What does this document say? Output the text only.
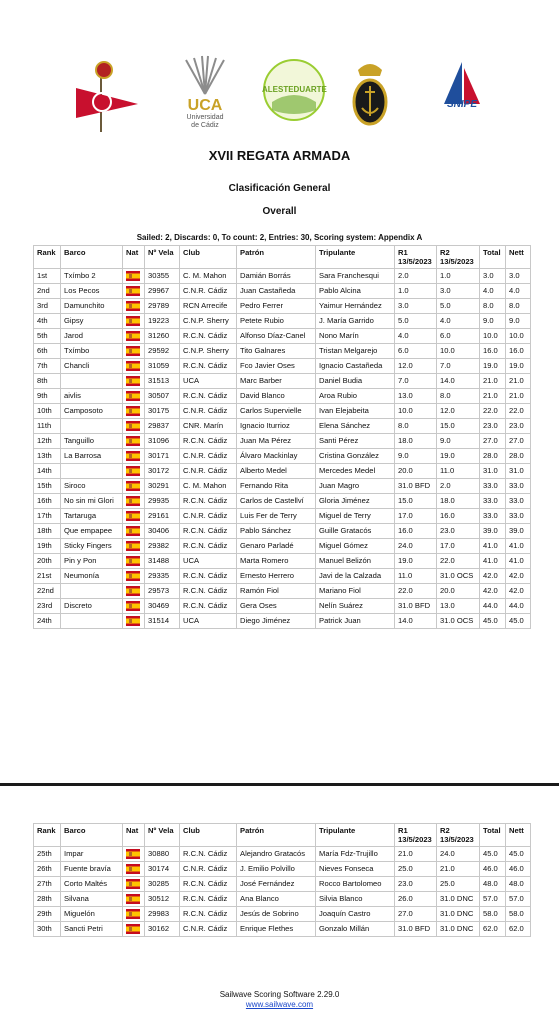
UCA
Universidad
de Cádiz
ALESTEDUARTE
SNIPE
XVII REGATA ARMADA
Clasificación General
Overall
Sailed: 2, Discards: 0, To count: 2, Entries: 30, Scoring system: Appendix A
Rank	Barco	Nat	Nº Vela	Club	Patrón	Tripulante	R1 13/5/2023	R2 13/5/2023	Total	Nett
1st	Txímbo 2		30355	C. M. Mahon	Damián Borrás	Sara Franchesqui	2.0	1.0	3.0	3.0
2nd	Los Pecos		29967	C.N.R. Cádiz	Juan Castañeda	Pablo Alcina	1.0	3.0	4.0	4.0
3rd	Damunchito		29789	RCN Arrecife	Pedro Ferrer	Yaimur Hernández	3.0	5.0	8.0	8.0
4th	Gipsy		19223	C.N.P. Sherry	Petete Rubio	J. María Garrido	5.0	4.0	9.0	9.0
5th	Jarod		31260	R.C.N. Cádiz	Alfonso Díaz-Canel	Nono Marín	4.0	6.0	10.0	10.0
6th	Txímbo		29592	C.N.P. Sherry	Tito Galnares	Tristan Melgarejo	6.0	10.0	16.0	16.0
7th	Chancli		31059	R.C.N. Cádiz	Fco Javier Oses	Ignacio Castañeda	12.0	7.0	19.0	19.0
8th			31513	UCA	Marc Barber	Daniel Budia	7.0	14.0	21.0	21.0
9th	aivlis		30507	R.C.N. Cádiz	David Blanco	Aroa Rubio	13.0	8.0	21.0	21.0
10th	Camposoto		30175	C.N.R. Cádiz	Carlos Supervielle	Ivan Elejabeita	10.0	12.0	22.0	22.0
11th			29837	CNR. Marín	Ignacio Iturrioz	Elena Sánchez	8.0	15.0	23.0	23.0
12th	Tanguillo		31096	R.C.N. Cádiz	Juan Ma Pérez	Santi Pérez	18.0	9.0	27.0	27.0
13th	La Barrosa		30171	C.N.R. Cádiz	Álvaro Mackinlay	Cristina González	9.0	19.0	28.0	28.0
14th			30172	C.N.R. Cádiz	Alberto Medel	Mercedes Medel	20.0	11.0	31.0	31.0
15th	Siroco		30291	C. M. Mahon	Fernando Rita	Juan Magro	31.0 BFD	2.0	33.0	33.0
16th	No sin mi Glori		29935	R.C.N. Cádiz	Carlos de Castellví	Gloria Jiménez	15.0	18.0	33.0	33.0
17th	Tartaruga		29161	C.N.R. Cádiz	Luis Fer de Terry	Miguel de Terry	17.0	16.0	33.0	33.0
18th	Que empapee		30406	R.C.N. Cádiz	Pablo Sánchez	Guille Gratacós	16.0	23.0	39.0	39.0
19th	Sticky Fingers		29382	R.C.N. Cádiz	Genaro Parladé	Miguel Gómez	24.0	17.0	41.0	41.0
20th	Pin y Pon		31488	UCA	Marta Romero	Manuel Belizón	19.0	22.0	41.0	41.0
21st	Neumonía		29335	R.C.N. Cádiz	Ernesto Herrero	Javi de la Calzada	11.0	31.0 OCS	42.0	42.0
22nd			29573	R.C.N. Cádiz	Ramón Fiol	Mariano Fiol	22.0	20.0	42.0	42.0
23rd	Discreto		30469	R.C.N. Cádiz	Gera Oses	Nelín Suárez	31.0 BFD	13.0	44.0	44.0
24th			31514	UCA	Diego Jiménez	Patrick Juan	14.0	31.0 OCS	45.0	45.0
Rank	Barco	Nat	Nº Vela	Club	Patrón	Tripulante	R1 13/5/2023	R2 13/5/2023	Total	Nett
25th	Impar		30880	R.C.N. Cádiz	Alejandro Gratacós	María Fdz-Trujillo	21.0	24.0	45.0	45.0
26th	Fuente bravía		30174	C.N.R. Cádiz	J. Emilio Polvillo	Nieves Fonseca	25.0	21.0	46.0	46.0
27th	Corto Maltés		30285	R.C.N. Cádiz	José Fernández	Rocco Bartolomeo	23.0	25.0	48.0	48.0
28th	Silvana		30512	R.C.N. Cádiz	Ana Blanco	Silvia Blanco	26.0	31.0 DNC	57.0	57.0
29th	Miguelón		29983	R.C.N. Cádiz	Jesús de Sobrino	Joaquín Castro	27.0	31.0 DNC	58.0	58.0
30th	Sancti Petri		30162	C.N.R. Cádiz	Enrique Flethes	Gonzalo Millán	31.0 BFD	31.0 DNC	62.0	62.0
Sailwave Scoring Software 2.29.0
www.sailwave.com
